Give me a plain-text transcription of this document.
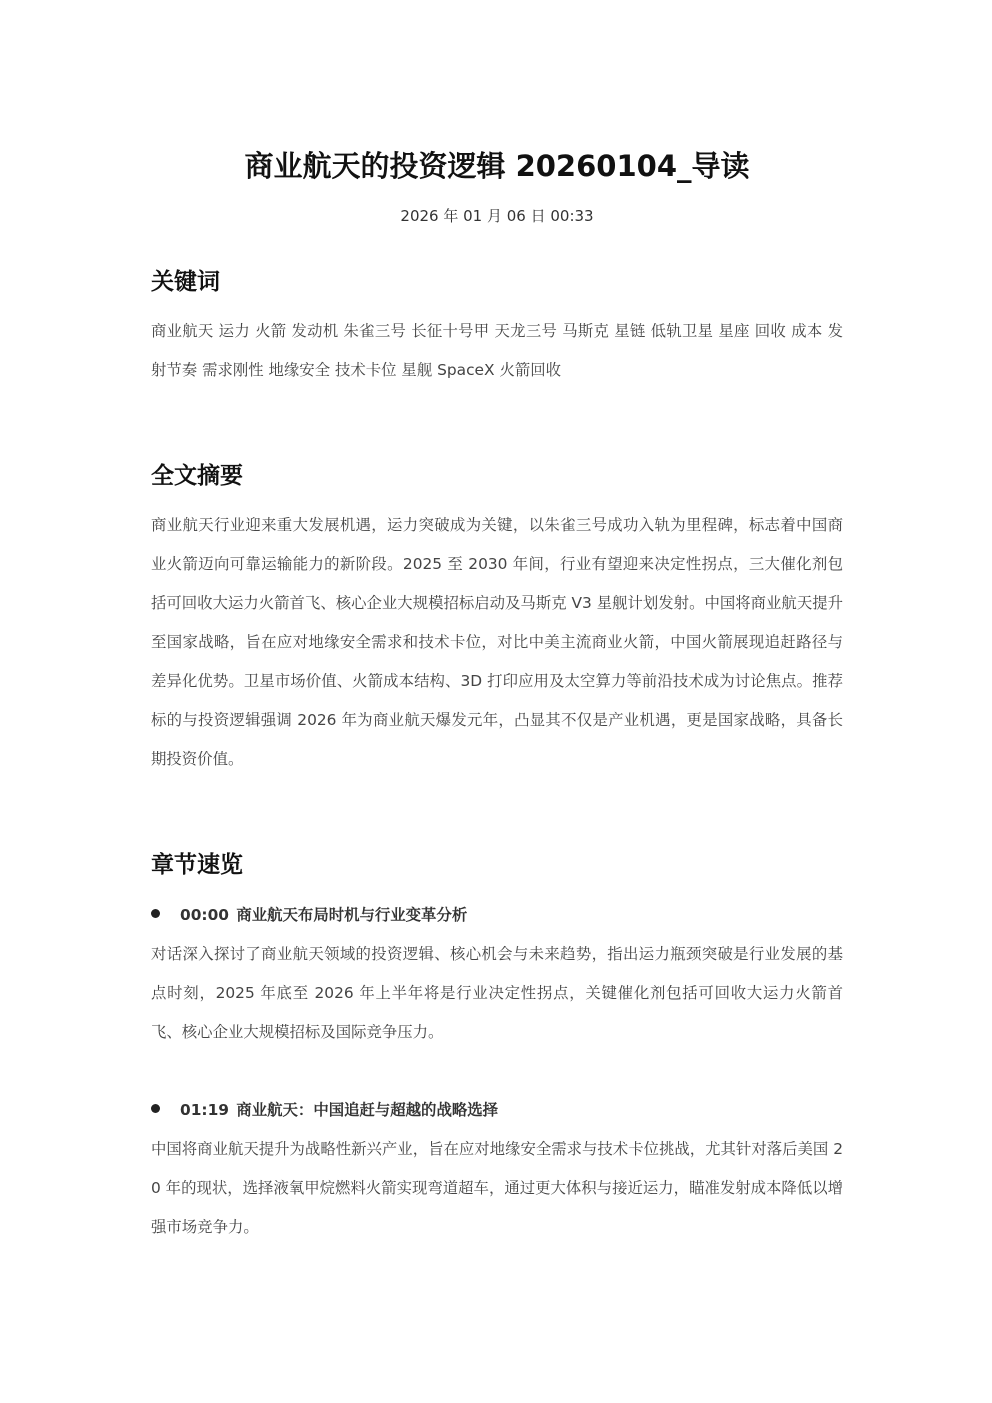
商业航天的投资逻辑 20260104_导读
2026 年 01 月 06 日 00:33
关键词
商业航天 运力 火箭 发动机 朱雀三号 长征十号甲 天龙三号 马斯克 星链 低轨卫星 星座 回收 成本 发射节奏 需求刚性 地缘安全 技术卡位 星舰 SpaceX 火箭回收
全文摘要
商业航天行业迎来重大发展机遇，运力突破成为关键，以朱雀三号成功入轨为里程碑，标志着中国商业火箭迈向可靠运输能力的新阶段。2025 至 2030 年间，行业有望迎来决定性拐点，三大催化剂包括可回收大运力火箭首飞、核心企业大规模招标启动及马斯克 V3 星舰计划发射。中国将商业航天提升至国家战略，旨在应对地缘安全需求和技术卡位，对比中美主流商业火箭，中国火箭展现追赶路径与差异化优势。卫星市场价值、火箭成本结构、3D 打印应用及太空算力等前沿技术成为讨论焦点。推荐标的与投资逻辑强调 2026 年为商业航天爆发元年，凸显其不仅是产业机遇，更是国家战略，具备长期投资价值。
章节速览
00:00 商业航天布局时机与行业变革分析
对话深入探讨了商业航天领域的投资逻辑、核心机会与未来趋势，指出运力瓶颈突破是行业发展的基点时刻，2025 年底至 2026 年上半年将是行业决定性拐点，关键催化剂包括可回收大运力火箭首飞、核心企业大规模招标及国际竞争压力。
01:19 商业航天：中国追赶与超越的战略选择
中国将商业航天提升为战略性新兴产业，旨在应对地缘安全需求与技术卡位挑战，尤其针对落后美国 20 年的现状，选择液氧甲烷燃料火箭实现弯道超车，通过更大体积与接近运力，瞄准发射成本降低以增强市场竞争力。
